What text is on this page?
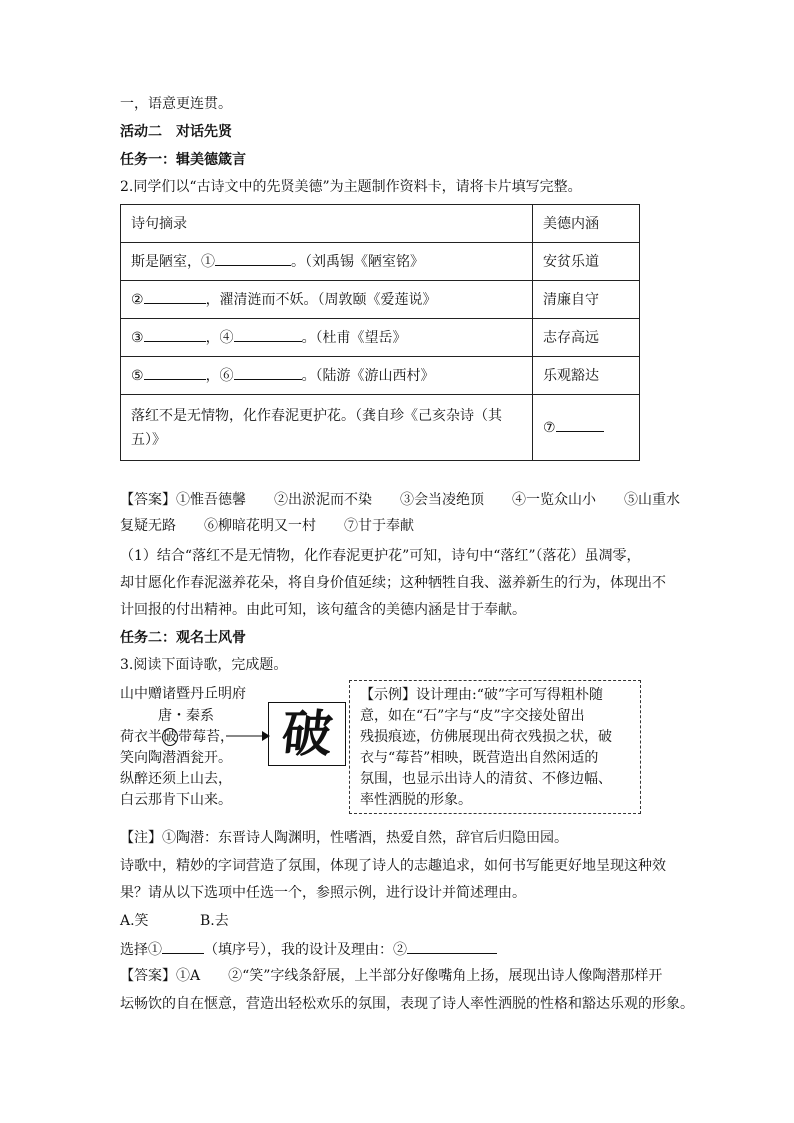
一，语意更连贯。
活动二　对话先贤
任务一：辑美德箴言
2.同学们以“古诗文中的先贤美德”为主题制作资料卡，请将卡片填写完整。
诗句摘录	美德内涵
斯是陋室，① 。（刘禹锡《陋室铭》	安贫乐道
② ，濯清涟而不妖。（周敦颐《爱莲说》	清廉自守
③ ，④ 。（杜甫《望岳》	志存高远
⑤ ，⑥ 。（陆游《游山西村》	乐观豁达

落红不是无情物，化作春泥更护花。（龚自珍《己亥杂诗（其
五）》	⑦
【答案】①惟吾德馨　　②出淤泥而不染　　③会当凌绝顶　　④一览众山小　　⑤山重水
复疑无路　　⑥柳暗花明又一村　　⑦甘于奉献
（1）结合“落红不是无情物，化作春泥更护花”可知，诗句中“落红”（落花）虽凋零，
却甘愿化作春泥滋养花朵，将自身价值延续；这种牺牲自我、滋养新生的行为，体现出不
计回报的付出精神。由此可知，该句蕴含的美德内涵是甘于奉献。
任务二：观名士风骨
3.阅读下面诗歌，完成题。
山中赠诸暨丹丘明府
唐・秦系
荷衣半破带莓苔，
笑向陶潜酒瓮开。
纵醉还须上山去，
白云那肯下山来。
破
【示例】设计理由:“破”字可写得粗朴随
意，如在“石”字与“皮”字交接处留出
残损痕迹，仿佛展现出荷衣残损之状，破
衣与“莓苔”相映，既营造出自然闲适的
氛围，也显示出诗人的清贫、不修边幅、
率性洒脱的形象。
【注】①陶潜：东晋诗人陶渊明，性嗜酒，热爱自然，辞官后归隐田园。
诗歌中，精妙的字词营造了氛围，体现了诗人的志趣追求，如何书写能更好地呈现这种效
果？请从以下选项中任选一个，参照示例，进行设计并简述理由。
A.笑	B.去
选择①	（填序号），我的设计及理由：②
【答案】①A　　②“笑”字线条舒展，上半部分好像嘴角上扬，展现出诗人像陶潜那样开
坛畅饮的自在惬意，营造出轻松欢乐的氛围，表现了诗人率性洒脱的性格和豁达乐观的形象。
